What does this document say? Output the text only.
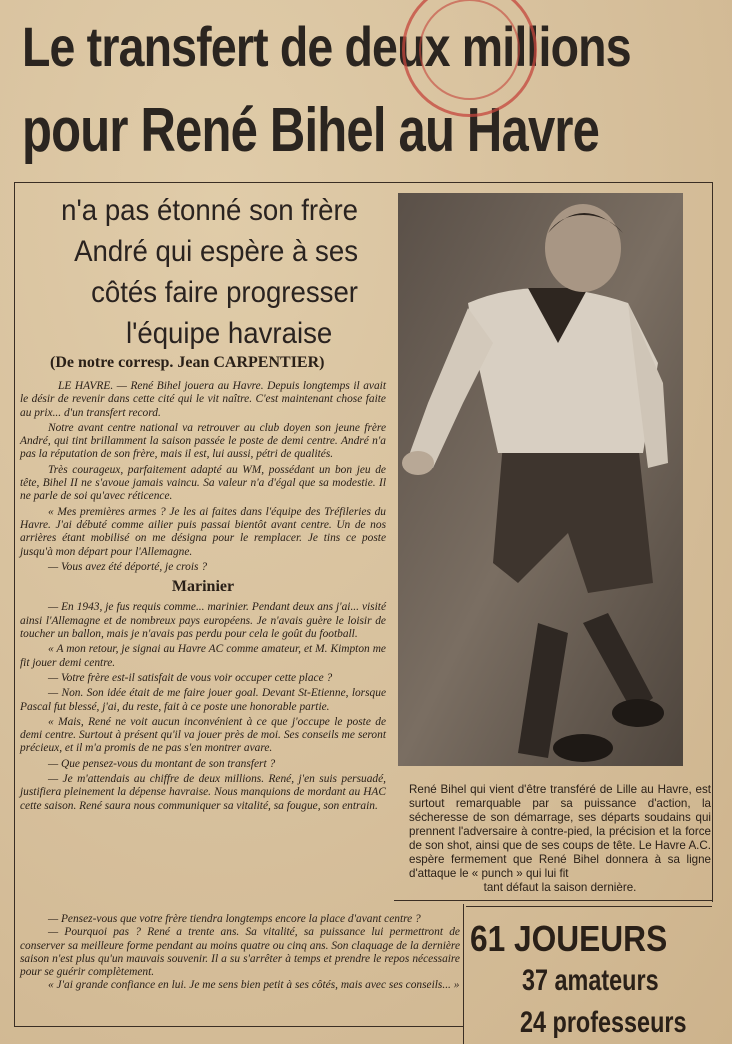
Le transfert de deux millions
pour René Bihel au Havre
n'a pas étonné son frère
André qui espère à ses
côtés faire progresser
l'équipe havraise
(De notre corresp. Jean CARPENTIER)

LE HAVRE. — René Bihel jouera au Havre. Depuis longtemps il avait le désir de revenir dans cette cité qui le vit naître. C'est maintenant chose faite au prix... d'un transfert record.

Notre avant centre national va retrouver au club doyen son jeune frère André, qui tint brillamment la saison passée le poste de demi centre. André n'a pas la réputation de son frère, mais il est, lui aussi, pétri de qualités.

Très courageux, parfaitement adapté au WM, possédant un bon jeu de tête, Bihel II ne s'avoue jamais vaincu. Sa valeur n'a d'égal que sa modestie. Il ne parle de soi qu'avec réticence.

« Mes premières armes ? Je les ai faites dans l'équipe des Tréfileries du Havre. J'ai débuté comme ailier puis passai bientôt avant centre. Un de nos arrières étant mobilisé on me désigna pour le remplacer. Je tins ce poste jusqu'à mon départ pour l'Allemagne.

— Vous avez été déporté, je crois ?

Marinier

— En 1943, je fus requis comme... marinier. Pendant deux ans j'ai... visité ainsi l'Allemagne et de nombreux pays européens. Je n'avais guère le loisir de toucher un ballon, mais je n'avais pas perdu pour cela le goût du football.

« A mon retour, je signai au Havre AC comme amateur, et M. Kimpton me fit jouer demi centre.

— Votre frère est-il satisfait de vous voir occuper cette place ?

— Non. Son idée était de me faire jouer goal. Devant St-Etienne, lorsque Pascal fut blessé, j'ai, du reste, fait à ce poste une honorable partie.

« Mais, René ne voit aucun inconvénient à ce que j'occupe le poste de demi centre. Surtout à présent qu'il va jouer près de moi. Ses conseils me seront précieux, et il m'a promis de ne pas s'en montrer avare.

— Que pensez-vous du montant de son transfert ?

— Je m'attendais au chiffre de deux millions. René, j'en suis persuadé, justifiera pleinement la dépense havraise. Nous manquions de mordant au HAC cette saison. René saura nous communiquer sa vitalité, sa fougue, son entrain.

— Pensez-vous que votre frère tiendra longtemps encore la place d'avant centre ?

— Pourquoi pas ? René a trente ans. Sa vitalité, sa puissance lui permettront de conserver sa meilleure forme pendant au moins quatre ou cinq ans. Son claquage de la dernière saison n'est plus qu'un mauvais souvenir. Il a su s'arrêter à temps et prendre le repos nécessaire pour se guérir complètement.

« J'ai grande confiance en lui. Je me sens bien petit à ses côtés, mais avec ses conseils... »

René Bihel qui vient d'être transféré de Lille au Havre, est surtout remarquable par sa puissance d'action, la sécheresse de son démarrage, ses départs soudains qui prennent l'adversaire à contre-pied, la précision et la force de son shot, ainsi que de ses coups de tête. Le Havre A.C. espère fermement que René Bihel donnera à sa ligne d'attaque le « punch » qui lui fit
tant défaut la saison dernière.
61 JOUEURS
37 amateurs
24 professeurs
